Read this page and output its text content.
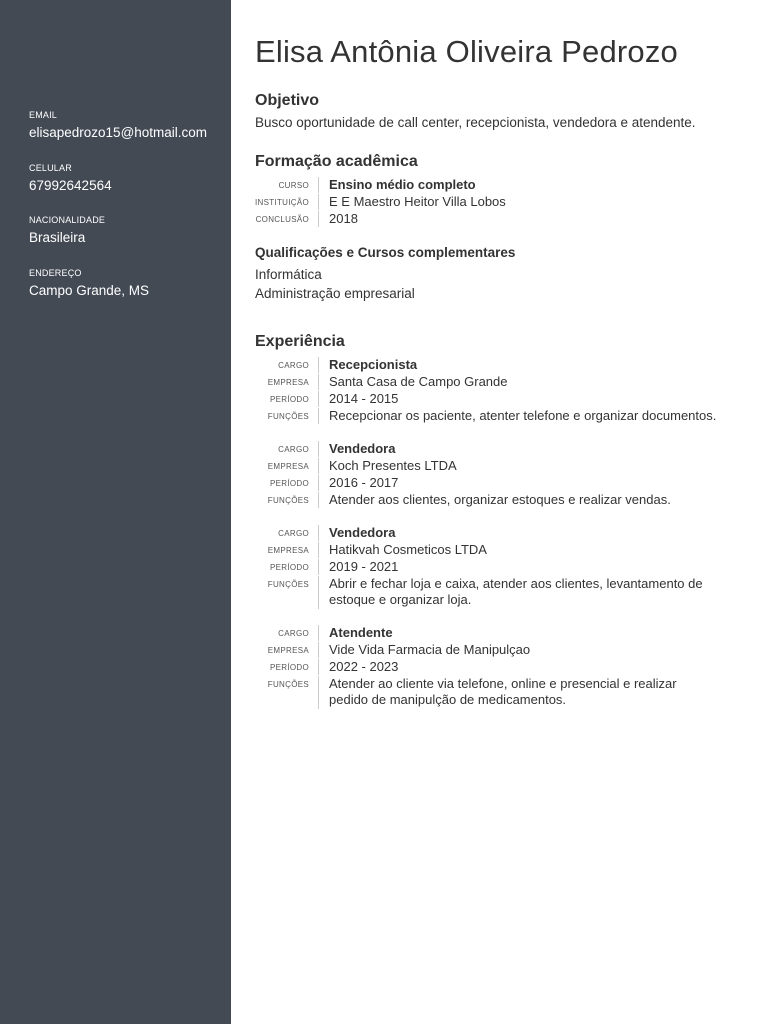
EMAIL
elisapedrozo15@hotmail.com
CELULAR
67992642564
NACIONALIDADE
Brasileira
ENDEREÇO
Campo Grande, MS
Elisa Antônia Oliveira Pedrozo
Objetivo
Busco oportunidade de call center, recepcionista, vendedora e atendente.
Formação acadêmica
CURSO	Ensino médio completo
INSTITUIÇÃO	E E Maestro Heitor Villa Lobos
CONCLUSÃO	2018
Qualificações e Cursos complementares
Informática
Administração empresarial
Experiência
CARGO	Recepcionista
EMPRESA	Santa Casa de Campo Grande
PERÍODO	2014 - 2015
FUNÇÕES	Recepcionar os paciente, atenter telefone e organizar documentos.
CARGO	Vendedora
EMPRESA	Koch Presentes LTDA
PERÍODO	2016 - 2017
FUNÇÕES	Atender aos clientes, organizar estoques e realizar vendas.
CARGO	Vendedora
EMPRESA	Hatikvah Cosmeticos LTDA
PERÍODO	2019 - 2021
FUNÇÕES	Abrir e fechar loja e caixa, atender aos clientes, levantamento de estoque e organizar loja.
CARGO	Atendente
EMPRESA	Vide Vida Farmacia de Manipulçao
PERÍODO	2022 - 2023
FUNÇÕES	Atender ao cliente via telefone, online e presencial e realizar pedido de manipulção de medicamentos.
